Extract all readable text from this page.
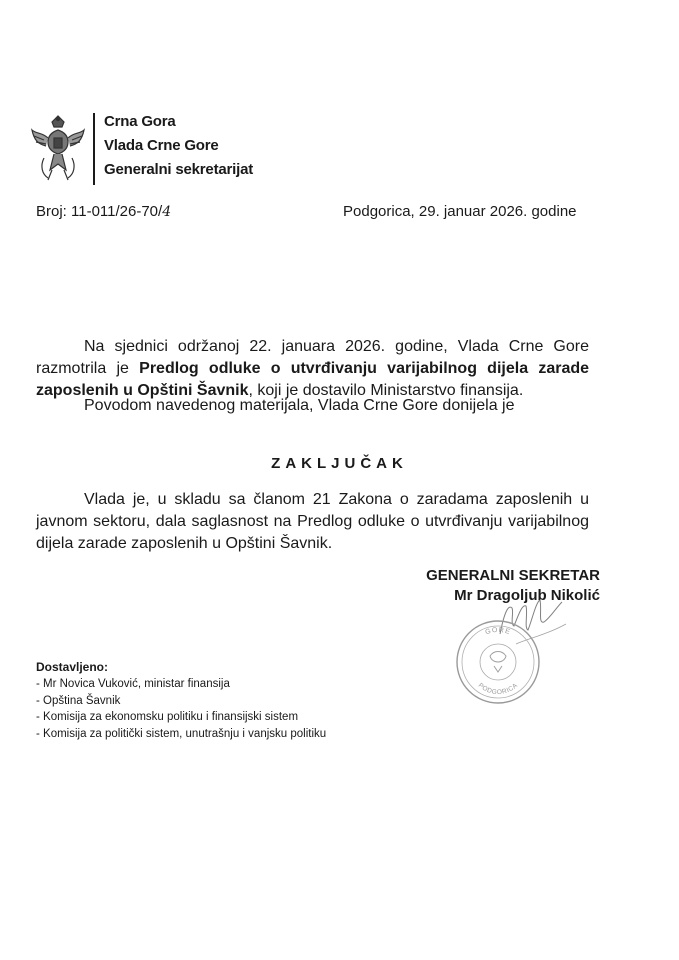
Crna Gora
Vlada Crne Gore
Generalni sekretarijat
Broj: 11-011/26-70/4	Podgorica, 29. januar 2026. godine
Na sjednici održanoj 22. januara 2026. godine, Vlada Crne Gore razmotrila je Predlog odluke o utvrđivanju varijabilnog dijela zarade zaposlenih u Opštini Šavnik, koji je dostavilo Ministarstvo finansija.
Povodom navedenog materijala, Vlada Crne Gore donijela je
ZAKLJUČAK
Vlada je, u skladu sa članom 21 Zakona o zaradama zaposlenih u javnom sektoru, dala saglasnost na Predlog odluke o utvrđivanju varijabilnog dijela zarade zaposlenih u Opštini Šavnik.
GENERALNI SEKRETAR
Mr Dragoljub Nikolić
GORE
PODGORICA
Dostavljeno:
- Mr Novica Vuković, ministar finansija
- Opština Šavnik
- Komisija za ekonomsku politiku i finansijski sistem
- Komisija za politički sistem, unutrašnju i vanjsku politiku
